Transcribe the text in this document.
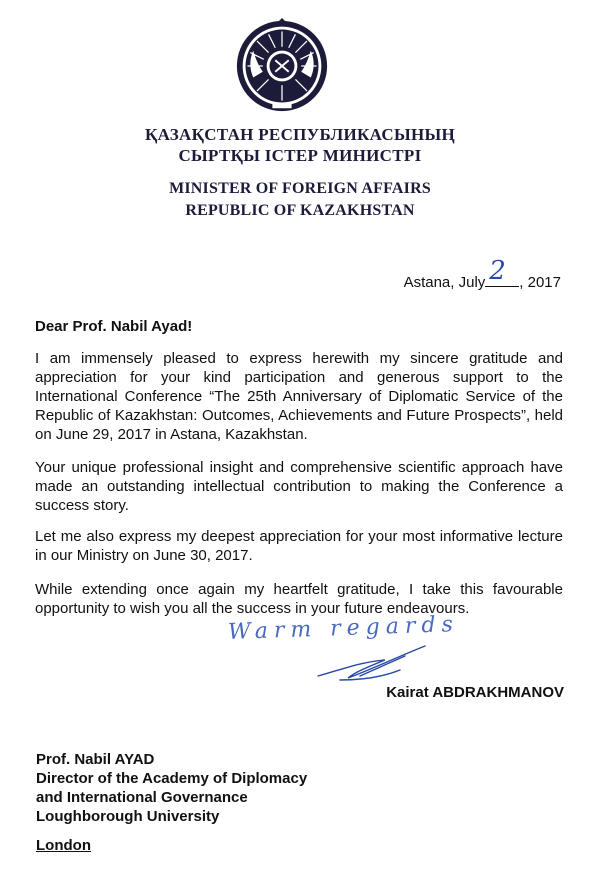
ҚАЗАҚСТАН РЕСПУБЛИКАСЫНЫҢ
СЫРТҚЫ ІСТЕР МИНИСТРІ
MINISTER OF FOREIGN AFFAIRS
REPUBLIC OF KAZAKHSTAN
Astana, July 2 , 2017
Dear Prof. Nabil Ayad!
I am immensely pleased to express herewith my sincere gratitude and appreciation for your kind participation and generous support to the International Conference “The 25th Anniversary of Diplomatic Service of the Republic of Kazakhstan: Outcomes, Achievements and Future Prospects”, held on June 29, 2017 in Astana, Kazakhstan.
Your unique professional insight and comprehensive scientific approach have made an outstanding intellectual contribution to making the Conference a success story.
Let me also express my deepest appreciation for your most informative lecture in our Ministry on June 30, 2017.
While extending once again my heartfelt gratitude, I take this favourable opportunity to wish you all the success in your future endeavours.
Warm regards
Kairat ABDRAKHMANOV
Prof. Nabil AYAD
Director of the Academy of Diplomacy
and International Governance
Loughborough University
London
